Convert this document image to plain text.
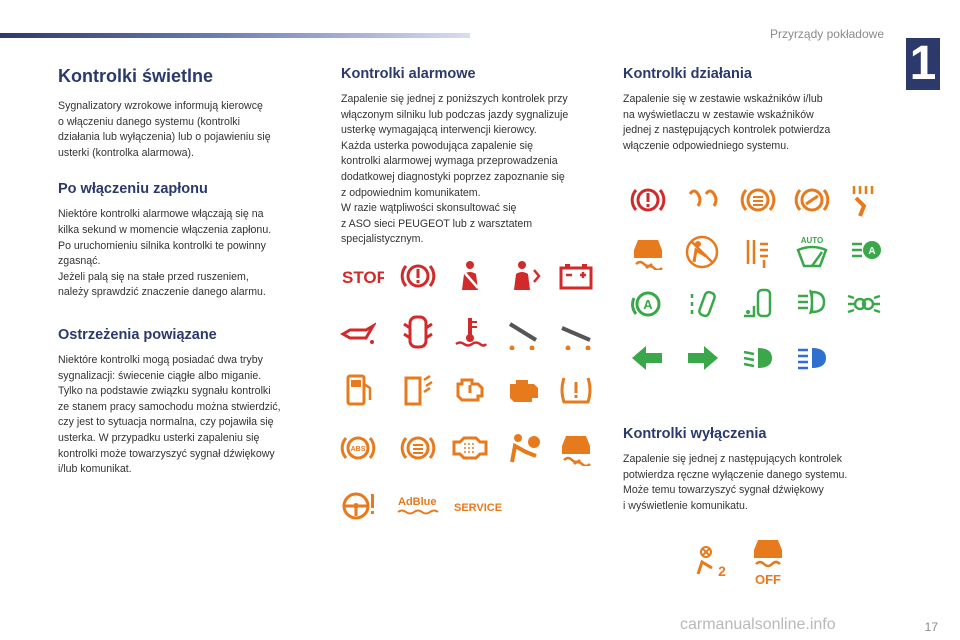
Przyrządy pokładowe
1
Kontrolki świetlne

Sygnalizatory wzrokowe informują kierowcę
o włączeniu danego systemu (kontrolki
działania lub wyłączenia) lub o pojawieniu się
usterki (kontrolka alarmowa).

Po włączeniu zapłonu

Niektóre kontrolki alarmowe włączają się na
kilka sekund w momencie włączenia zapłonu.
Po uruchomieniu silnika kontrolki te powinny
zgasnąć.
Jeżeli palą się na stałe przed ruszeniem,
należy sprawdzić znaczenie danego alarmu.

Ostrzeżenia powiązane

Niektóre kontrolki mogą posiadać dwa tryby
sygnalizacji: świecenie ciągłe albo miganie.
Tylko na podstawie związku sygnału kontrolki
ze stanem pracy samochodu można stwierdzić,
czy jest to sytuacja normalna, czy pojawiła się
usterka. W przypadku usterki zapaleniu się
kontrolki może towarzyszyć sygnał dźwiękowy
i/lub komunikat.

Kontrolki alarmowe

Zapalenie się jednej z poniższych kontrolek przy
włączonym silniku lub podczas jazdy sygnalizuje
usterkę wymagającą interwencji kierowcy.
Każda usterka powodująca zapalenie się
kontrolki alarmowej wymaga przeprowadzenia
dodatkowej diagnostyki poprzez zapoznanie się
z odpowiednim komunikatem.
W razie wątpliwości skonsultować się
z ASO sieci PEUGEOT lub z warsztatem
specjalistycznym.

STOP
ABS
AdBlue SERVICE
Kontrolki działania

Zapalenie się w zestawie wskaźników i/lub
na wyświetlaczu w zestawie wskaźników
jednej z następujących kontrolek potwierdza
włączenie odpowiedniego systemu.

AUTO
A
A
Kontrolki wyłączenia

Zapalenie się jednej z następujących kontrolek
potwierdza ręczne wyłączenie danego systemu.
Może temu towarzyszyć sygnał dźwiękowy
i wyświetlenie komunikatu.

2
OFF
carmanualsonline.info	17
